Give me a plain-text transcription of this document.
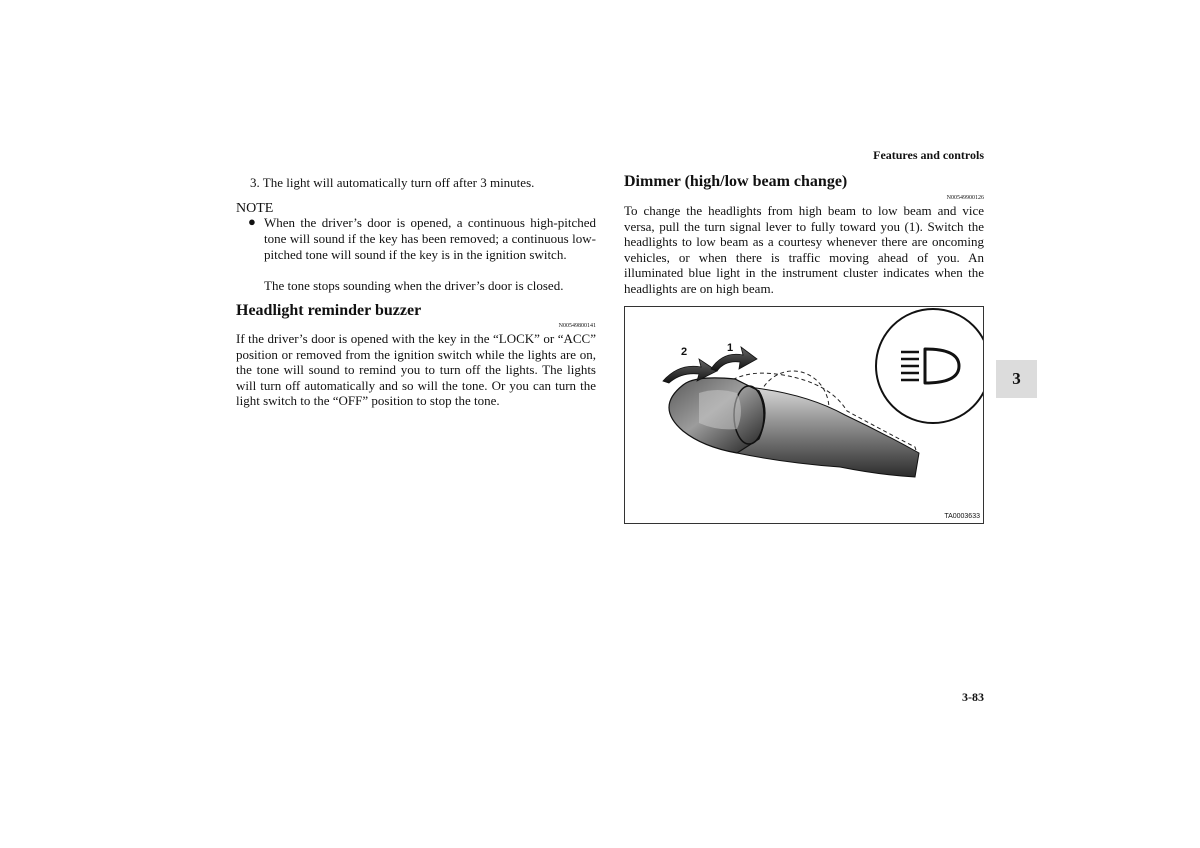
Features and controls
3. The light will automatically turn off after 3 minutes.
NOTE
● When the driver’s door is opened, a continuous high-pitched tone will sound if the key has been removed; a continuous low-pitched tone will sound if the key is in the ignition switch.
The tone stops sounding when the driver’s door is closed.
Headlight reminder buzzer
N00549800141
If the driver’s door is opened with the key in the “LOCK” or “ACC” position or removed from the ignition switch while the lights are on, the tone will sound to remind you to turn off the lights. The lights will turn off automatically and so will the tone. Or you can turn the light switch to the “OFF” position to stop the tone.
Dimmer (high/low beam change)
N00549900126
To change the headlights from high beam to low beam and vice versa, pull the turn signal lever to fully toward you (1). Switch the headlights to low beam as a courtesy whenever there are oncoming vehicles, or when there is traffic moving ahead of you. An illuminated blue light in the instrument cluster indicates when the headlights are on high beam.
2	1
TA0003633
3
3-83
